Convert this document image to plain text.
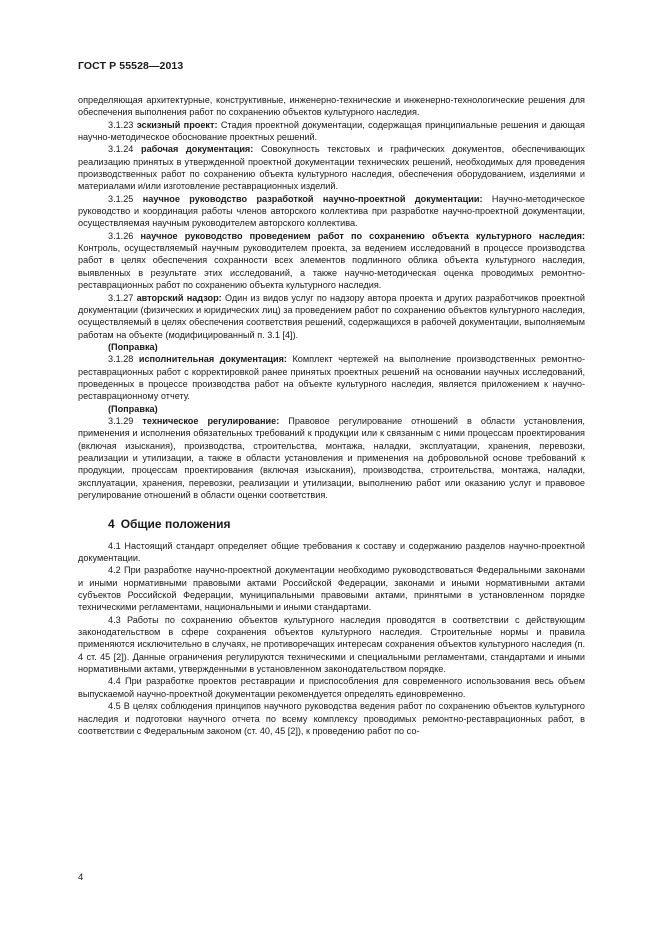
ГОСТ Р 55528—2013

определяющая архитектурные, конструктивные, инженерно-технические и инженерно-технологические решения для обеспечения выполнения работ по сохранению объектов культурного наследия.

3.1.23 эскизный проект: Стадия проектной документации, содержащая принципиальные решения и дающая научно-методическое обоснование проектных решений.

3.1.24 рабочая документация: Совокупность текстовых и графических документов, обеспечивающих реализацию принятых в утвержденной проектной документации технических решений, необходимых для проведения производственных работ по сохранению объекта культурного наследия, обеспечения оборудованием, изделиями и материалами и/или изготовление реставрационных изделий.

3.1.25 научное руководство разработкой научно-проектной документации: Научно-методическое руководство и координация работы членов авторского коллектива при разработке научно-проектной документации, осуществляемая научным руководителем авторского коллектива.

3.1.26 научное руководство проведением работ по сохранению объекта культурного наследия: Контроль, осуществляемый научным руководителем проекта, за ведением исследований в процессе производства работ в целях обеспечения сохранности всех элементов подлинного облика объекта культурного наследия, выявленных в результате этих исследований, а также научно-методическая оценка проводимых ремонтно-реставрационных работ по сохранению объекта культурного наследия.

3.1.27 авторский надзор: Один из видов услуг по надзору автора проекта и других разработчиков проектной документации (физических и юридических лиц) за проведением работ по сохранению объектов культурного наследия, осуществляемый в целях обеспечения соответствия решений, содержащихся в рабочей документации, выполняемым работам на объекте (модифицированный п. 3.1 [4]).

(Поправка)

3.1.28 исполнительная документация: Комплект чертежей на выполнение производственных ремонтно-реставрационных работ с корректировкой ранее принятых проектных решений на основании научных исследований, проведенных в процессе производства работ на объекте культурного наследия, является приложением к научно-реставрационному отчету.

(Поправка)

3.1.29 техническое регулирование: Правовое регулирование отношений в области установления, применения и исполнения обязательных требований к продукции или к связанным с ними процессам проектирования (включая изыскания), производства, строительства, монтажа, наладки, эксплуатации, хранения, перевозки, реализации и утилизации, а также в области установления и применения на добровольной основе требований к продукции, процессам проектирования (включая изыскания), производства, строительства, монтажа, наладки, эксплуатации, хранения, перевозки, реализации и утилизации, выполнению работ или оказанию услуг и правовое регулирование отношений в области оценки соответствия.

4 Общие положения

4.1 Настоящий стандарт определяет общие требования к составу и содержанию разделов научно-проектной документации.

4.2 При разработке научно-проектной документации необходимо руководствоваться Федеральными законами и иными нормативными правовыми актами Российской Федерации, законами и иными нормативными актами субъектов Российской Федерации, муниципальными правовыми актами, принятыми в установленном порядке техническими регламентами, национальными и иными стандартами.

4.3 Работы по сохранению объектов культурного наследия проводятся в соответствии с действующим законодательством в сфере сохранения объектов культурного наследия. Строительные нормы и правила применяются исключительно в случаях, не противоречащих интересам сохранения объектов культурного наследия (п. 4 ст. 45 [2]). Данные ограничения регулируются техническими и специальными регламентами, стандартами и иными нормативными актами, утвержденными в установленном законодательством порядке.

4.4 При разработке проектов реставрации и приспособления для современного использования весь объем выпускаемой научно-проектной документации рекомендуется определять единовременно.

4.5 В целях соблюдения принципов научного руководства ведения работ по сохранению объектов культурного наследия и подготовки научного отчета по всему комплексу проводимых ремонтно-реставрационных работ, в соответствии с Федеральным законом (ст. 40, 45 [2]), к проведению работ по со-

4
